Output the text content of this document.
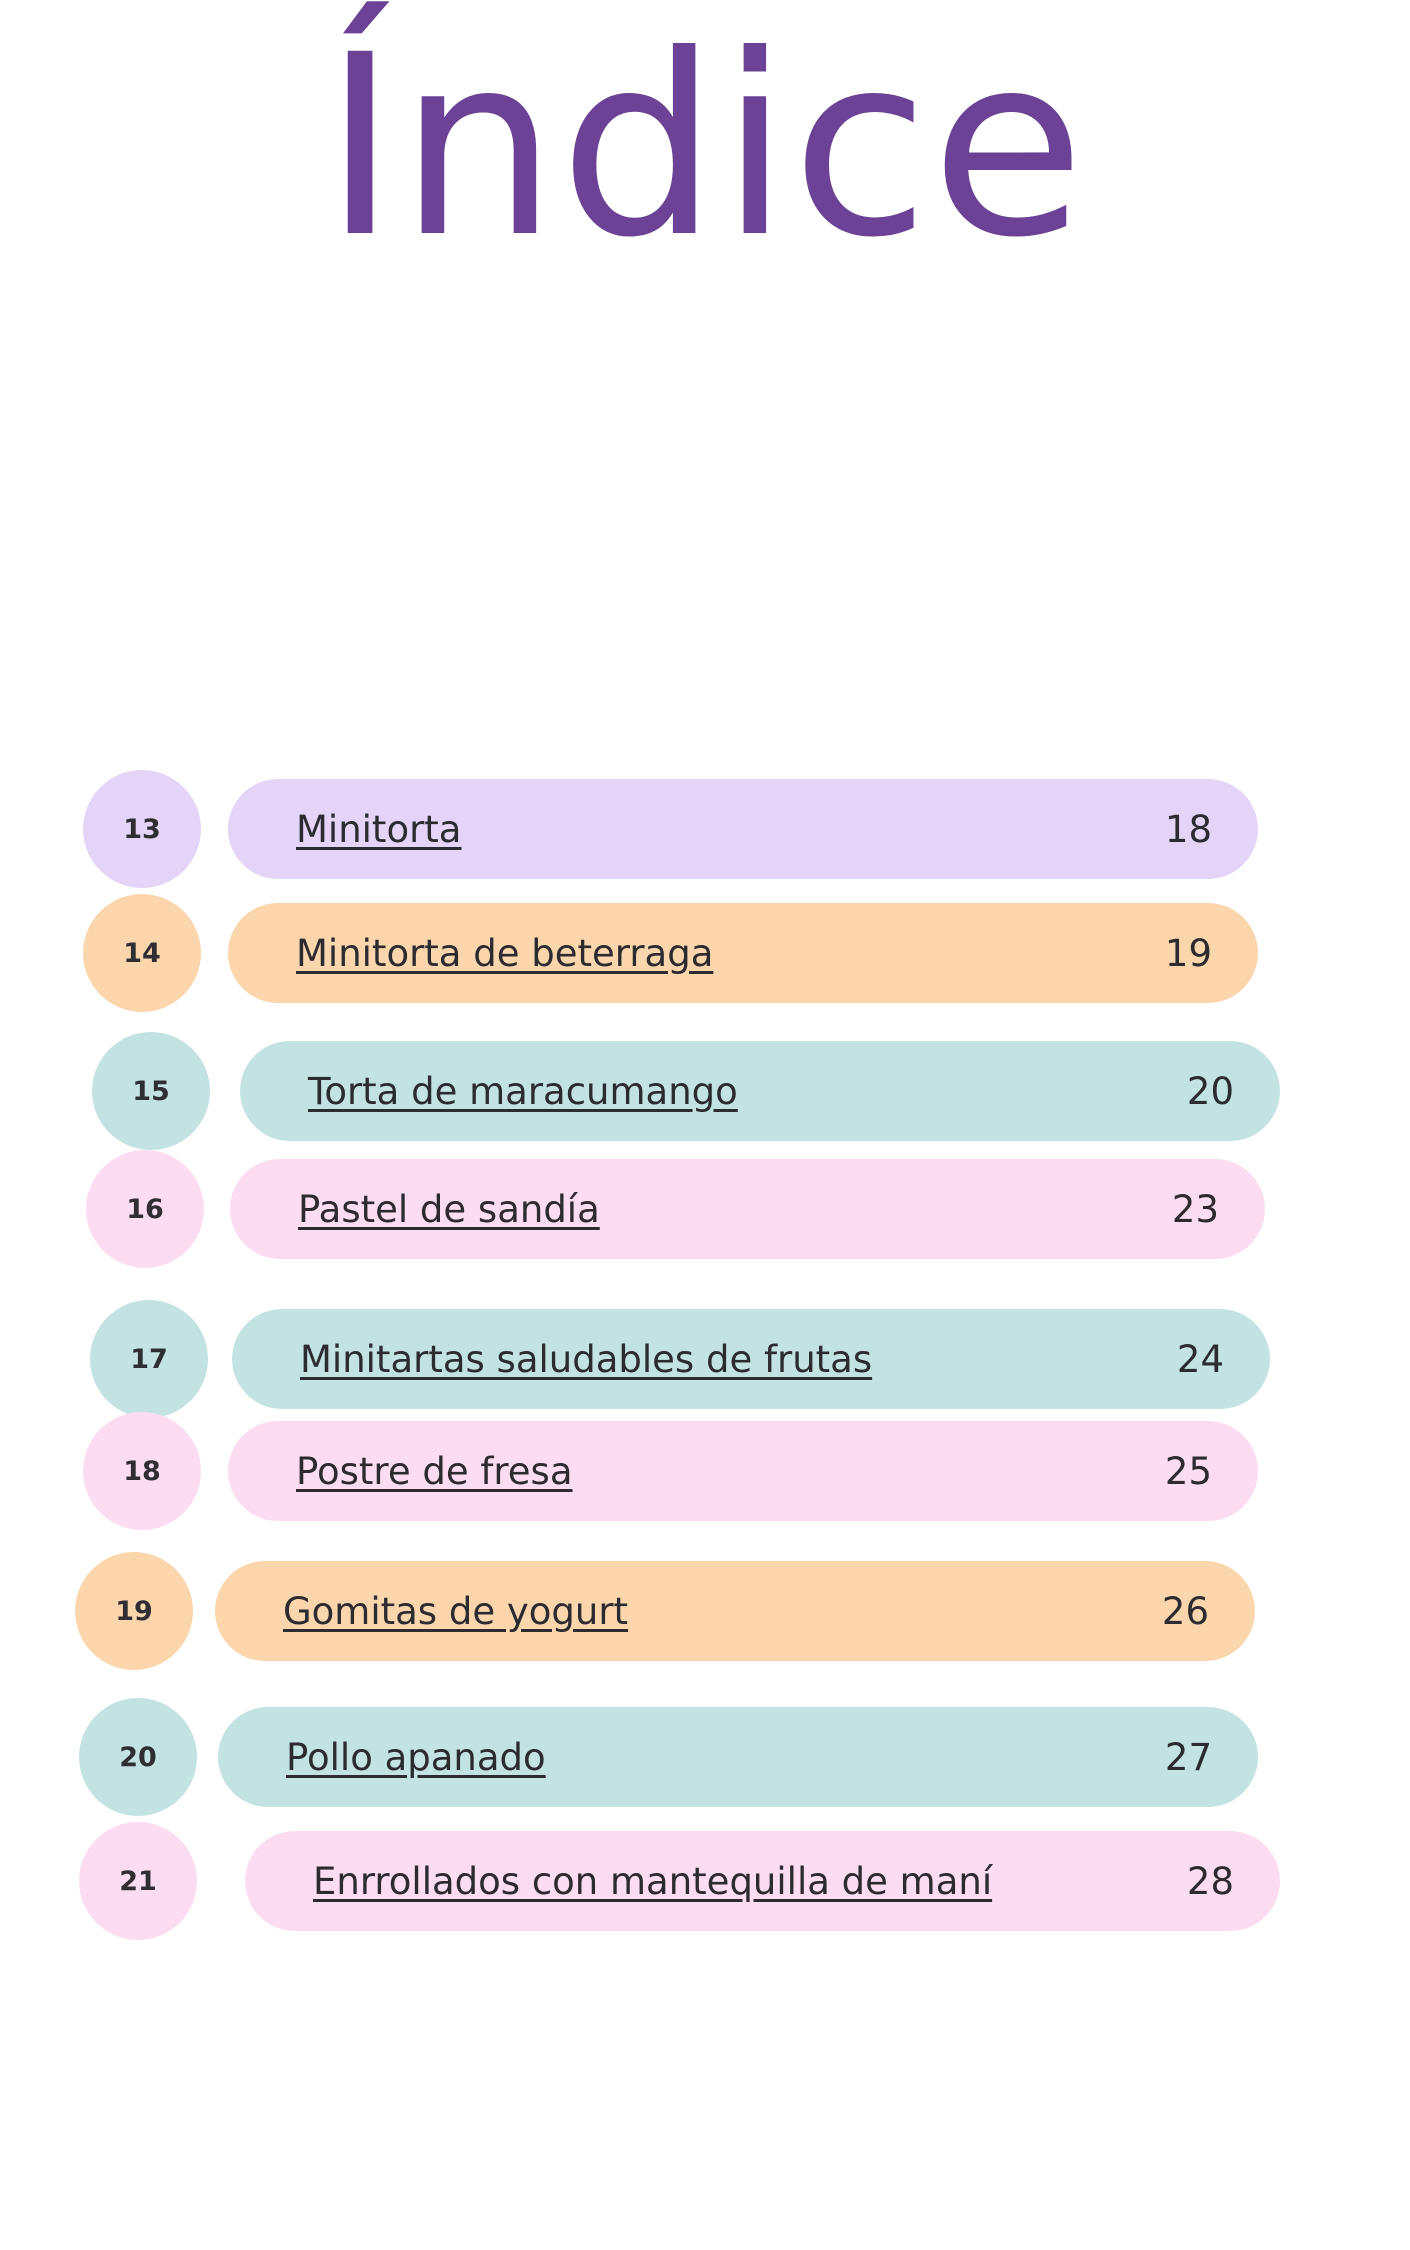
Índice
13	Minitorta	18
14	Minitorta de beterraga	19
15	Torta de maracumango	20
16	Pastel de sandía	23
17	Minitartas saludables de frutas	24
18	Postre de fresa	25
19	Gomitas de yogurt	26
20	Pollo apanado	27
21	Enrrollados con mantequilla de maní	28
